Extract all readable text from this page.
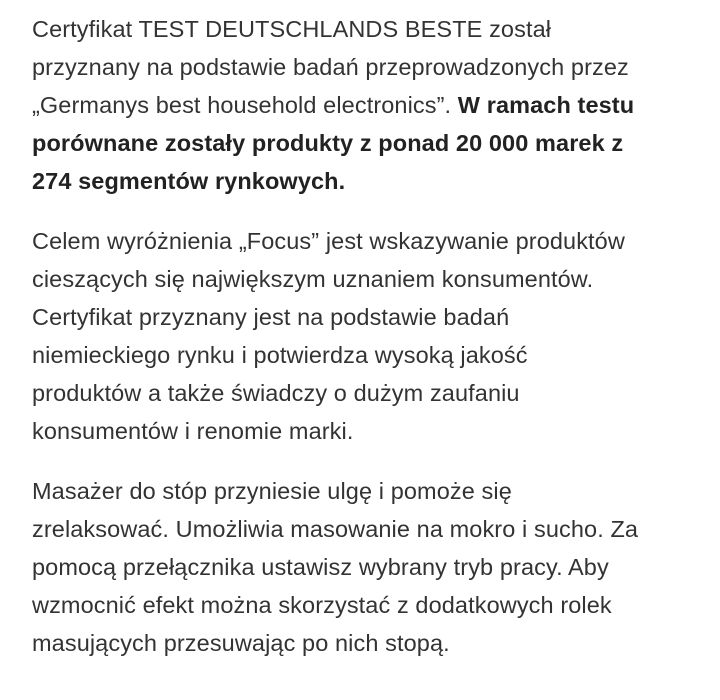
Certyfikat TEST DEUTSCHLANDS BESTE został
przyznany na podstawie badań przeprowadzonych przez
„Germanys best household electronics”. W ramach testu
porównane zostały produkty z ponad 20 000 marek z
274 segmentów rynkowych.

Celem wyróżnienia „Focus” jest wskazywanie produktów
cieszących się największym uznaniem konsumentów.
Certyfikat przyznany jest na podstawie badań
niemieckiego rynku i potwierdza wysoką jakość
produktów a także świadczy o dużym zaufaniu
konsumentów i renomie marki.

Masażer do stóp przyniesie ulgę i pomoże się
zrelaksować. Umożliwia masowanie na mokro i sucho. Za
pomocą przełącznika ustawisz wybrany tryb pracy. Aby
wzmocnić efekt można skorzystać z dodatkowych rolek
masujących przesuwając po nich stopą.
